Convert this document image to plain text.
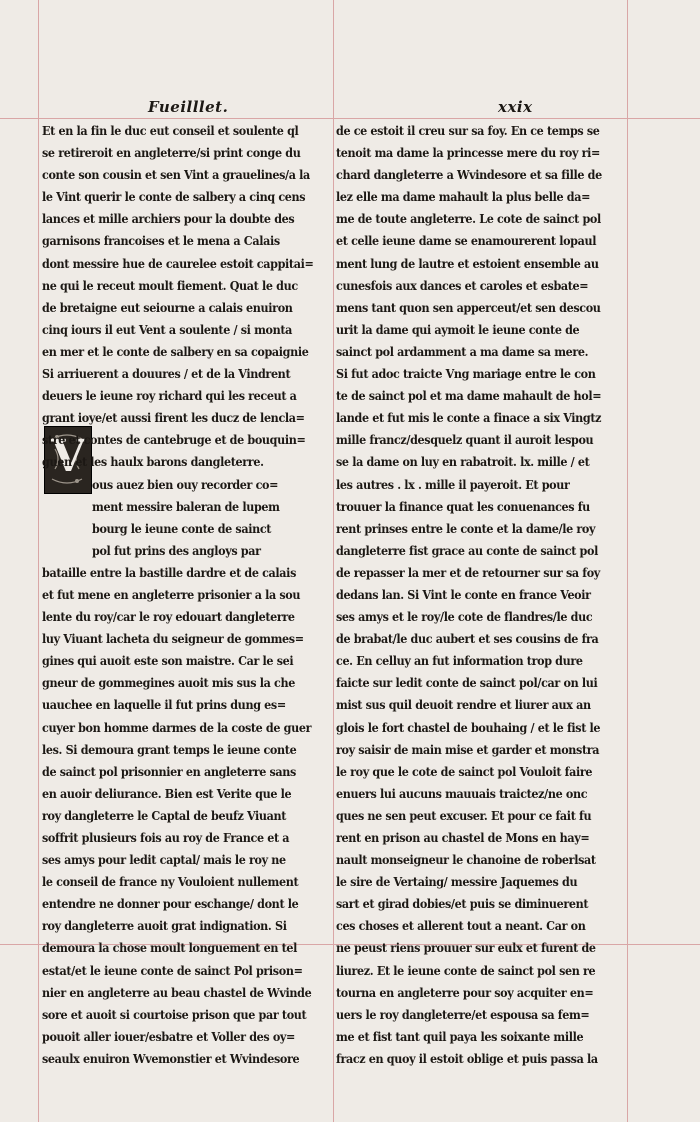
Fueilllet.	xxix
V
Et en la fin le duc eut conseil et soulente ql
se retireroit en angleterre/si print conge du
conte son cousin et sen Vint a grauelines/a la
le Vint querir le conte de salbery a cinq cens
lances et mille archiers pour la doubte des
garnisons francoises et le mena a Calais
dont messire hue de caurelee estoit cappitai=
ne qui le receut moult fiement. Quat le duc
de bretaigne eut seiourne a calais enuiron
cinq iours il eut Vent a soulente / si monta
en mer et le conte de salbery en sa copaignie
Si arriuerent a douures / et de la Vindrent
deuers le ieune roy richard qui les receut a
grant ioye/et aussi firent les ducz de lencla=
stre et contes de cantebruge et de bouquin=
guen et les haulx barons dangleterre.
ous auez bien ouy recorder co=
ment messire baleran de lupem
bourg le ieune conte de sainct
pol fut prins des angloys par
bataille entre la bastille dardre et de calais
et fut mene en angleterre prisonier a la sou
lente du roy/car le roy edouart dangleterre
luy Viuant lacheta du seigneur de gommes=
gines qui auoit este son maistre. Car le sei
gneur de gommegines auoit mis sus la che
uauchee en laquelle il fut prins dung es=
cuyer bon homme darmes de la coste de guer
les. Si demoura grant temps le ieune conte
de sainct pol prisonnier en angleterre sans
en auoir deliurance. Bien est Verite que le
roy dangleterre le Captal de beufz Viuant
soffrit plusieurs fois au roy de France et a
ses amys pour ledit captal/ mais le roy ne
le conseil de france ny Vouloient nullement
entendre ne donner pour eschange/ dont le
roy dangleterre auoit grat indignation. Si
demoura la chose moult longuement en tel
estat/et le ieune conte de sainct Pol prison=
nier en angleterre au beau chastel de Wvinde
sore et auoit si courtoise prison que par tout
pouoit aller iouer/esbatre et Voller des oy=
seaulx enuiron Wvemonstier et Wvindesore
de ce estoit il creu sur sa foy. En ce temps se
tenoit ma dame la princesse mere du roy ri=
chard dangleterre a Wvindesore et sa fille de
lez elle ma dame mahault la plus belle da=
me de toute angleterre. Le cote de sainct pol
et celle ieune dame se enamourerent lopaul
ment lung de lautre et estoient ensemble au
cunesfois aux dances et caroles et esbate=
mens tant quon sen apperceut/et sen descou
urit la dame qui aymoit le ieune conte de
sainct pol ardamment a ma dame sa mere.
Si fut adoc traicte Vng mariage entre le con
te de sainct pol et ma dame mahault de hol=
lande et fut mis le conte a finace a six Vingtz
mille francz/desquelz quant il auroit lespou
se la dame on luy en rabatroit. lx. mille / et
les autres . lx . mille il payeroit. Et pour
trouuer la finance quat les conuenances fu
rent prinses entre le conte et la dame/le roy
dangleterre fist grace au conte de sainct pol
de repasser la mer et de retourner sur sa foy
dedans lan. Si Vint le conte en france Veoir
ses amys et le roy/le cote de flandres/le duc
de brabat/le duc aubert et ses cousins de fra
ce. En celluy an fut information trop dure
faicte sur ledit conte de sainct pol/car on lui
mist sus quil deuoit rendre et liurer aux an
glois le fort chastel de bouhaing / et le fist le
roy saisir de main mise et garder et monstra
le roy que le cote de sainct pol Vouloit faire
enuers lui aucuns mauuais traictez/ne onc
ques ne sen peut excuser. Et pour ce fait fu
rent en prison au chastel de Mons en hay=
nault monseigneur le chanoine de roberlsat
le sire de Vertaing/ messire Jaquemes du
sart et girad dobies/et puis se diminuerent
ces choses et allerent tout a neant. Car on
ne peust riens prouuer sur eulx et furent de
liurez. Et le ieune conte de sainct pol sen re
tourna en angleterre pour soy acquiter en=
uers le roy dangleterre/et espousa sa fem=
me et fist tant quil paya les soixante mille
fracz en quoy il estoit oblige et puis passa la
